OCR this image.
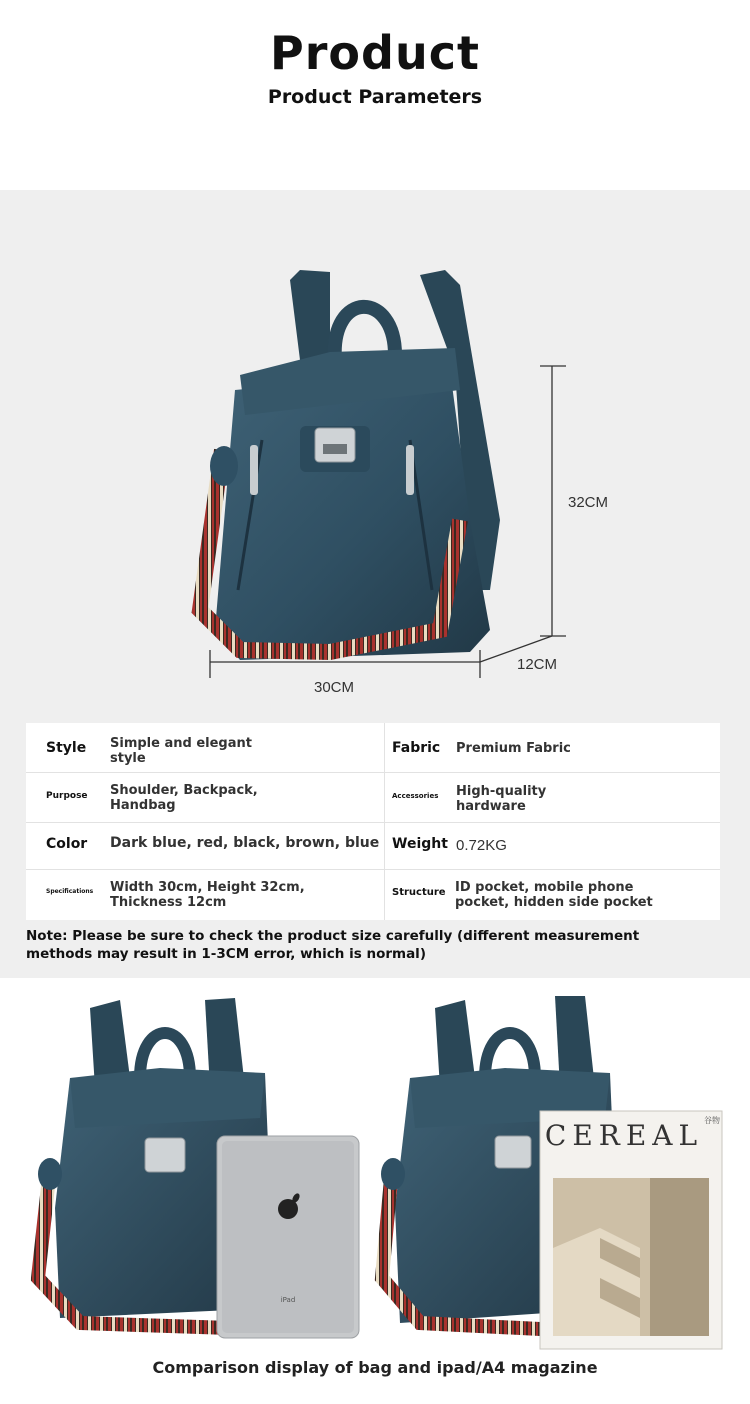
Product
Product Parameters
32CM
30CM
12CM
Style Simple and elegant
style
Fabric Premium Fabric
Purpose Shoulder, Backpack,
Handbag
Accessories High-quality
hardware
Color Dark blue, red, black, brown, blue Weight 0.72KG
Specifications Width 30cm, Height 32cm,
Thickness 12cm
Structure ID pocket, mobile phone
pocket, hidden side pocket
Note: Please be sure to check the product size carefully (different measurement
methods may result in 1-3CM error, which is normal)
iPad
CEREAL 谷物
Comparison display of bag and ipad/A4 magazine
